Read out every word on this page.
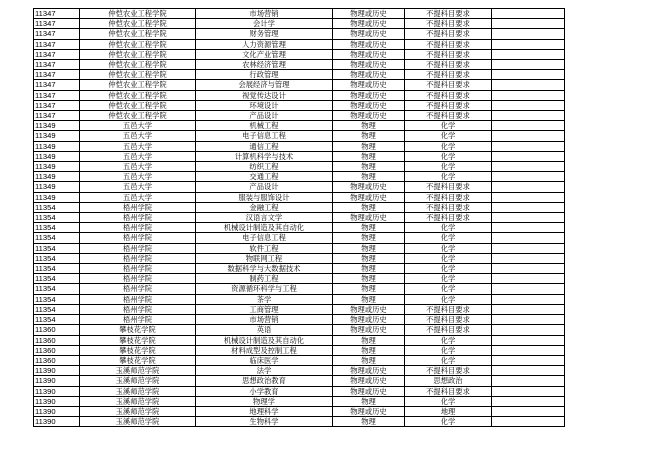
11347	仲恺农业工程学院	市场营销	物理或历史	不提科目要求	
11347	仲恺农业工程学院	会计学	物理或历史	不提科目要求	
11347	仲恺农业工程学院	财务管理	物理或历史	不提科目要求	
11347	仲恺农业工程学院	人力资源管理	物理或历史	不提科目要求	
11347	仲恺农业工程学院	文化产业管理	物理或历史	不提科目要求	
11347	仲恺农业工程学院	农林经济管理	物理或历史	不提科目要求	
11347	仲恺农业工程学院	行政管理	物理或历史	不提科目要求	
11347	仲恺农业工程学院	会展经济与管理	物理或历史	不提科目要求	
11347	仲恺农业工程学院	视觉传达设计	物理或历史	不提科目要求	
11347	仲恺农业工程学院	环境设计	物理或历史	不提科目要求	
11347	仲恺农业工程学院	产品设计	物理或历史	不提科目要求	
11349	五邑大学	机械工程	物理	化学	
11349	五邑大学	电子信息工程	物理	化学	
11349	五邑大学	通信工程	物理	化学	
11349	五邑大学	计算机科学与技术	物理	化学	
11349	五邑大学	纺织工程	物理	化学	
11349	五邑大学	交通工程	物理	化学	
11349	五邑大学	产品设计	物理或历史	不提科目要求	
11349	五邑大学	服装与服饰设计	物理或历史	不提科目要求	
11354	梧州学院	金融工程	物理	不提科目要求	
11354	梧州学院	汉语言文学	物理或历史	不提科目要求	
11354	梧州学院	机械设计制造及其自动化	物理	化学	
11354	梧州学院	电子信息工程	物理	化学	
11354	梧州学院	软件工程	物理	化学	
11354	梧州学院	物联网工程	物理	化学	
11354	梧州学院	数据科学与大数据技术	物理	化学	
11354	梧州学院	制药工程	物理	化学	
11354	梧州学院	资源循环科学与工程	物理	化学	
11354	梧州学院	茶学	物理	化学	
11354	梧州学院	工商管理	物理或历史	不提科目要求	
11354	梧州学院	市场营销	物理或历史	不提科目要求	
11360	攀枝花学院	英语	物理或历史	不提科目要求	
11360	攀枝花学院	机械设计制造及其自动化	物理	化学	
11360	攀枝花学院	材料成型及控制工程	物理	化学	
11360	攀枝花学院	临床医学	物理	化学	
11390	玉溪师范学院	法学	物理或历史	不提科目要求	
11390	玉溪师范学院	思想政治教育	物理或历史	思想政治	
11390	玉溪师范学院	小学教育	物理或历史	不提科目要求	
11390	玉溪师范学院	物理学	物理	化学	
11390	玉溪师范学院	地理科学	物理或历史	地理	
11390	玉溪师范学院	生物科学	物理	化学	
